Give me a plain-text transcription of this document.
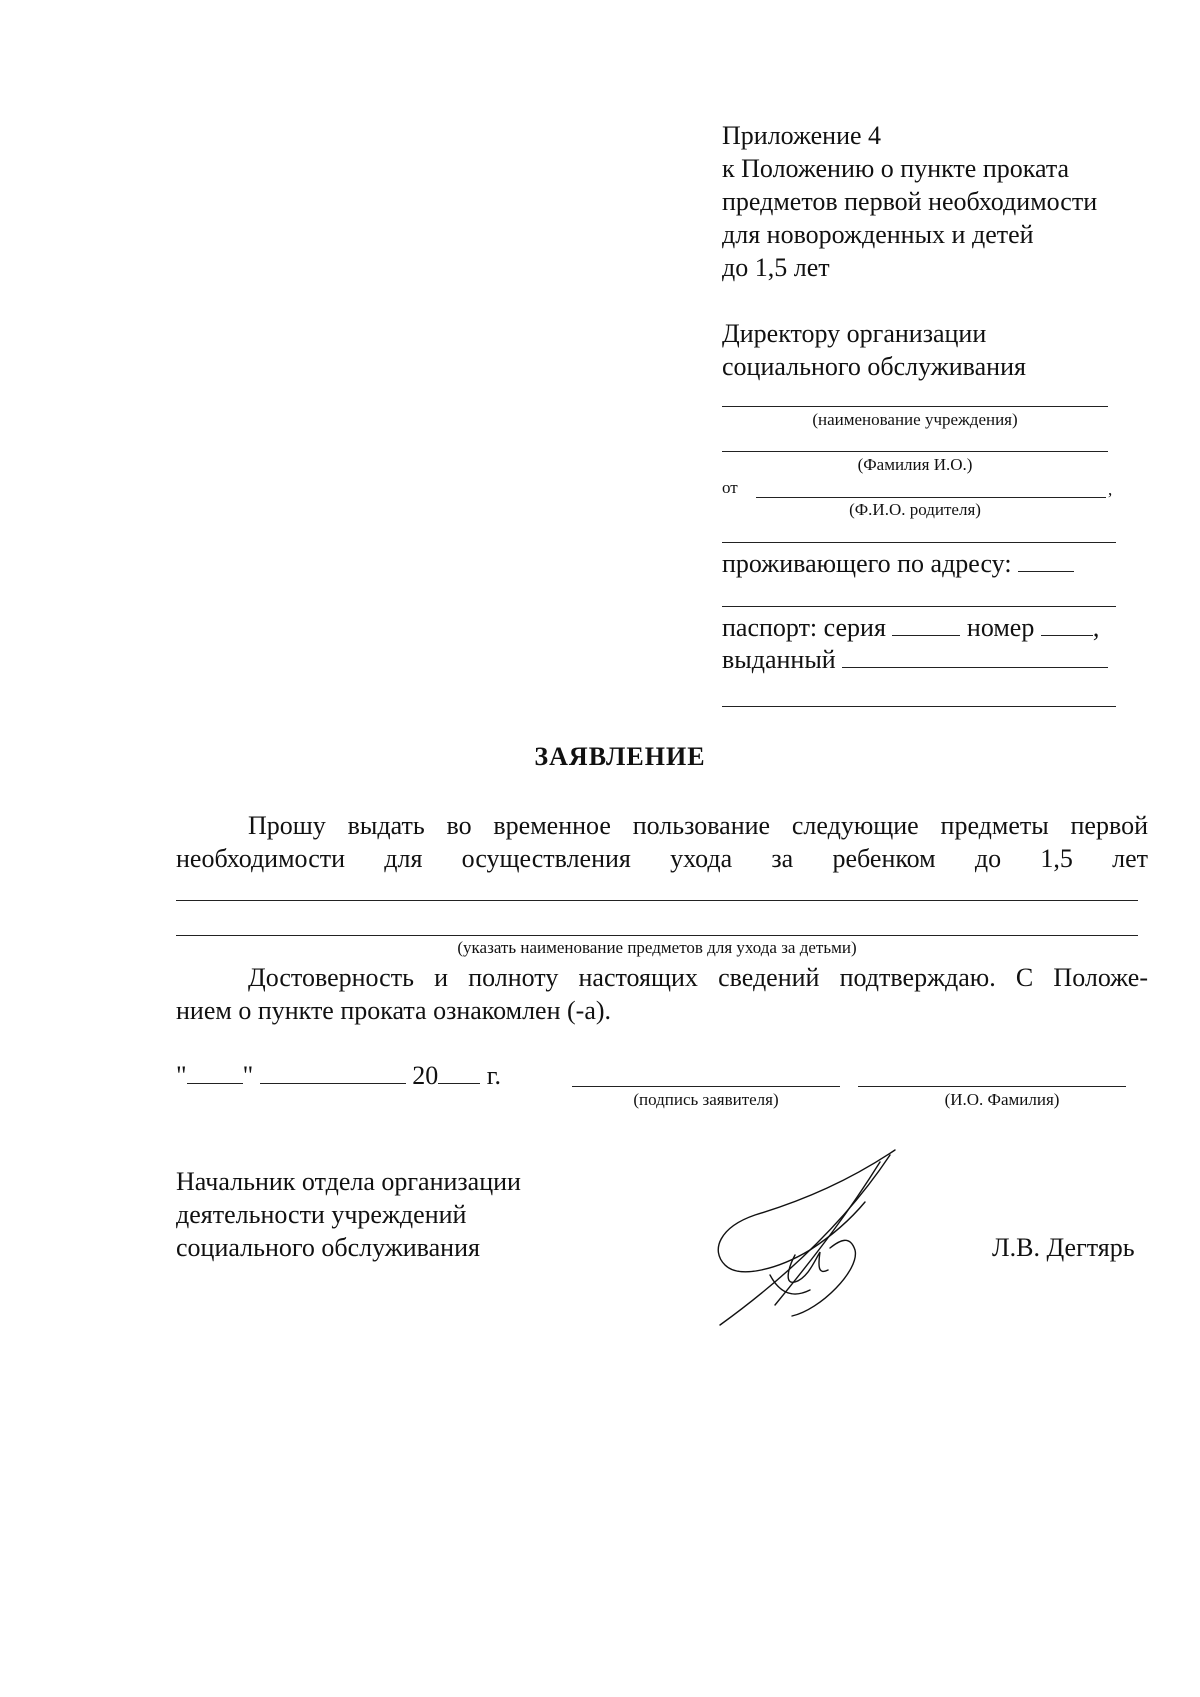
Приложение 4
к Положению о пункте проката
предметов первой необходимости
для новорожденных и детей
до 1,5 лет
Директору организации
социального обслуживания
(наименование учреждения)
(Фамилия И.О.)
от	,
(Ф.И.О. родителя)
проживающего по адресу:
паспорт: серия	номер ,
выданный
ЗАЯВЛЕНИЕ
Прошу выдать во временное пользование следующие предметы первой
необходимости для осуществления ухода за ребенком до 1,5 лет
(указать наименование предметов для ухода за детьми)
Достоверность и полноту настоящих сведений подтверждаю. С Положе-
нием о пункте проката ознакомлен (-а).
" "	20 г.
(подпись заявителя)	(И.О. Фамилия)
Начальник отдела организации
деятельности учреждений
социального обслуживания	Л.В. Дегтярь
